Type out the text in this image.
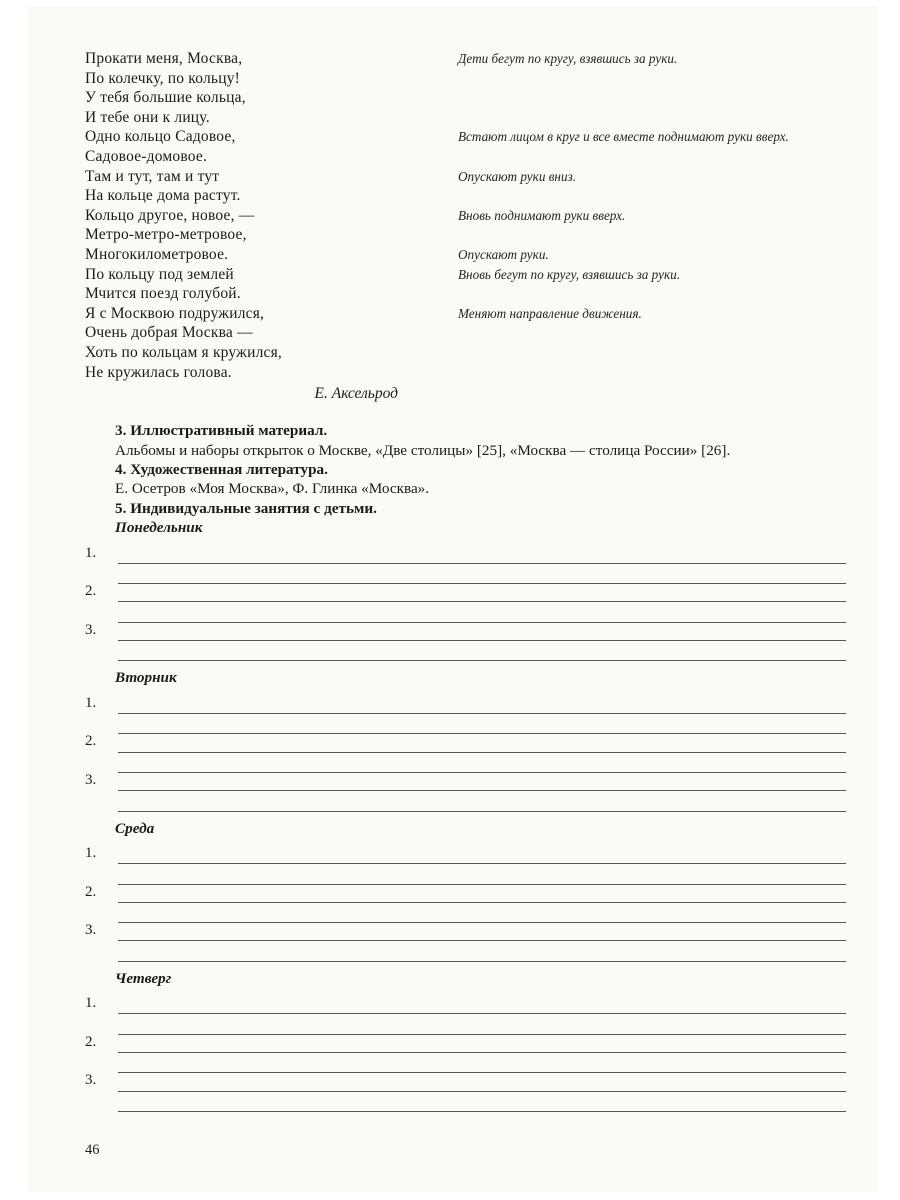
Прокати меня, Москва,	Дети бегут по кругу, взявшись за руки.
По колечку, по кольцу!
У тебя большие кольца,
И тебе они к лицу.
Одно кольцо Садовое,	Встают лицом в круг и все вместе поднимают руки вверх.
Садовое-домовое.
Там и тут, там и тут	Опускают руки вниз.
На кольце дома растут.
Кольцо другое, новое, —	Вновь поднимают руки вверх.
Метро-метро-метровое,
Многокилометровое.	Опускают руки.
По кольцу под землей	Вновь бегут по кругу, взявшись за руки.
Мчится поезд голубой.
Я с Москвою подружился,	Меняют направление движения.
Очень добрая Москва —
Хоть по кольцам я кружился,
Не кружилась голова.
Е. Аксельрод
3. Иллюстративный материал.
Альбомы и наборы открыток о Москве, «Две столицы» [25], «Москва — столица России» [26].
4. Художественная литература.
Е. Осетров «Моя Москва», Ф. Глинка «Москва».
5. Индивидуальные занятия с детьми.
Понедельник
1.
2.
3.
Вторник
1.
2.
3.
Среда
1.
2.
3.
Четверг
1.
2.
3.
46
